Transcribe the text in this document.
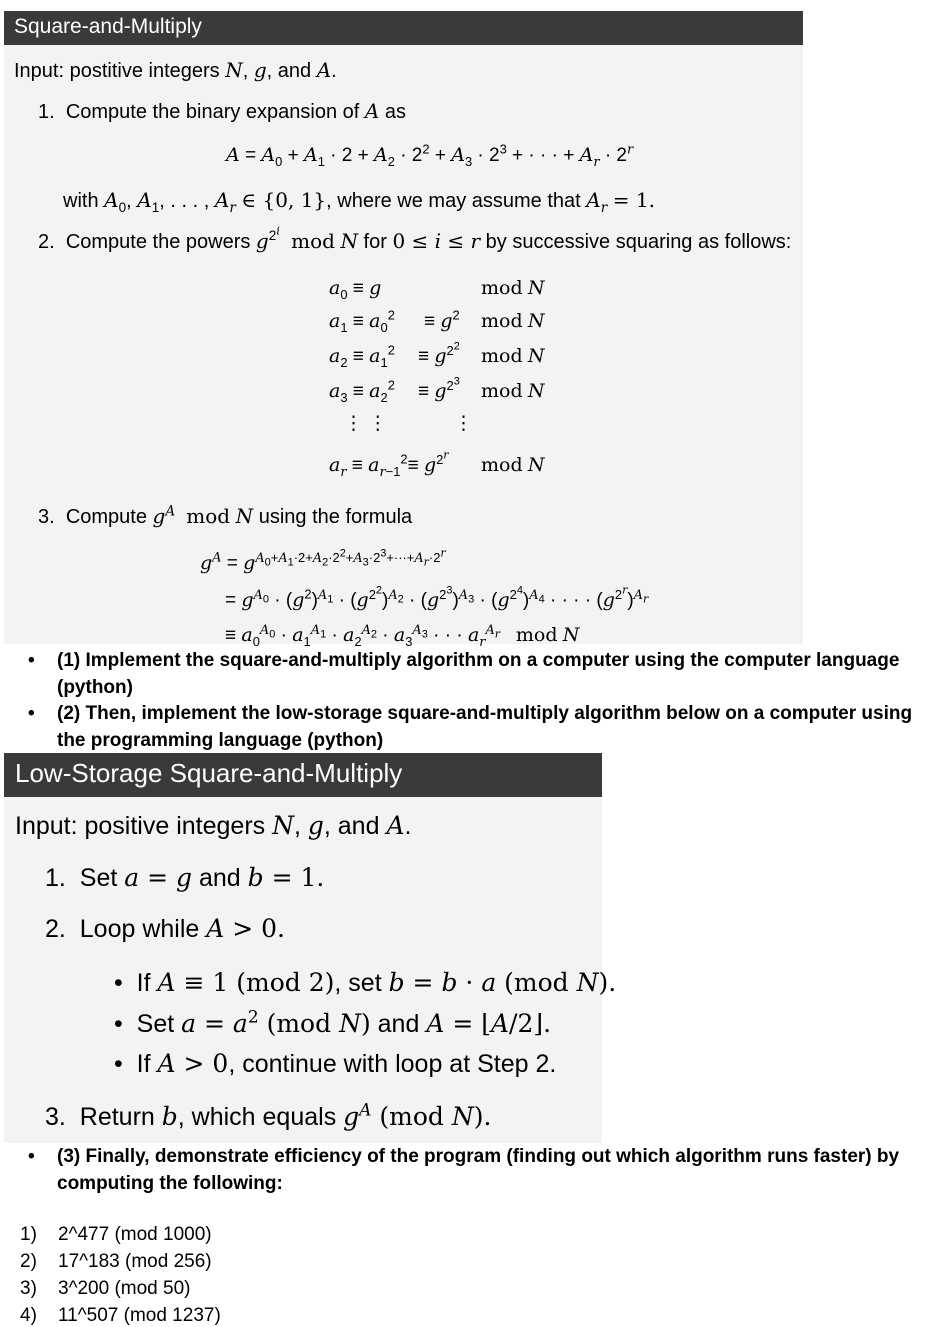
Square-and-Multiply
Input: postitive integers N, g, and A.
1. Compute the binary expansion of A as
$A = A_0 + A_1 \cdot 2 + A_2 \cdot 2^2 + A_3 \cdot 2^3$ + · · · + $A_r \cdot 2^r$
with $A_0$, $A_1$, . . . , $A_r$ ∈ {0, 1}, where we may assume that $A_r = 1$.
2. Compute the powers $g^{2^i}$ mod N for 0 ≤ i ≤ r by successive squaring as follows:
$a_0 \equiv g$
$a_1 \equiv a_0^2$
$a_2 \equiv a_1^2$
$a_3 \equiv a_2^2$
⋮ ⋮
$a_r \equiv a_{r-1}^2\equiv g^{2^r}$
≡ $g^2$
≡ $g^{2^2}$
≡ $g^{2^3}$
⋮
mod N
mod N
mod N
mod N
mod N
3. Compute $g^A$ mod N using the formula
$g^A = g^{A_0+A_1\cdot 2+A_2\cdot 2^2+A_3\cdot 2^3+\cdot\cdot\cdot+A_r\cdot 2^r}$
= $g^{A_0} \cdot (g^2)^{A_1} \cdot (g^{2^2})^{A_2} \cdot (g^{2^3})^{A_3} \cdot (g^{2^4})^{A_4}$ · · · · $(g^{2^r})^{A_r}$
≡ $a_0^{A_0} \cdot a_1^{A_1} \cdot a_2^{A_2} \cdot a_3^{A_3}$ · · · $a_r^{A_r}$ mod N
• (1) Implement the square-and-multiply algorithm on a computer using the computer language (python)
• (2) Then, implement the low-storage square-and-multiply algorithm below on a computer using the programming language (python)
Low-Storage Square-and-Multiply
Input: positive integers N, g, and A.
1. Set a = g and b = 1.
2. Loop while A > 0.
• If A ≡ 1 (mod 2), set b = b · a (mod N).
• Set $a = a^2$ (mod N) and A = ⌊A/2⌋.
• If A > 0, continue with loop at Step 2.
3. Return b, which equals $g^A$ (mod N).
• (3) Finally, demonstrate efficiency of the program (finding out which algorithm runs faster) by computing the following:
1) 2^477 (mod 1000)
2) 17^183 (mod 256)
3) 3^200 (mod 50)
4) 11^507 (mod 1237)
